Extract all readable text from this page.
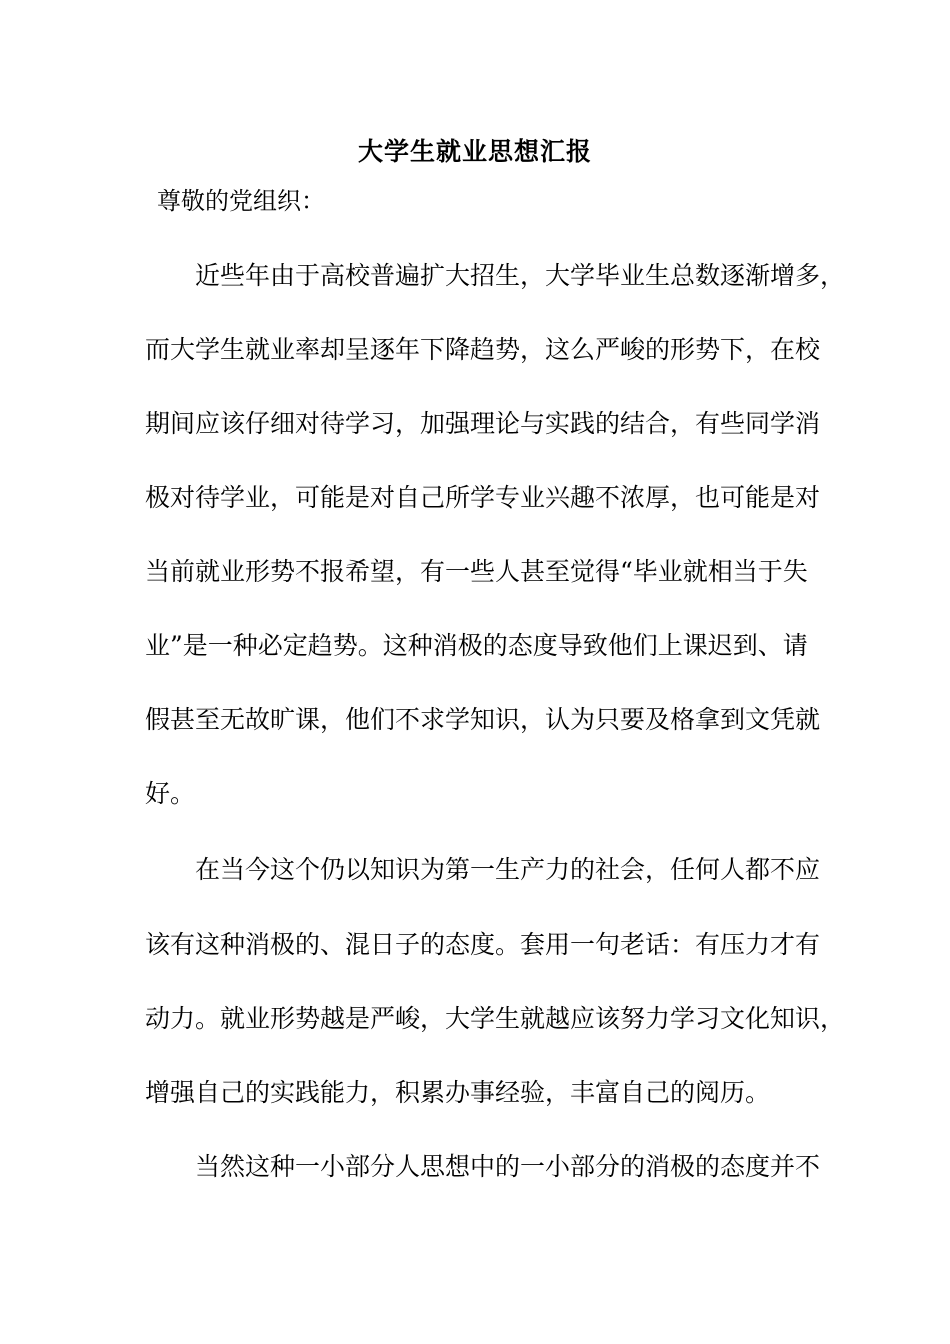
大学生就业思想汇报
尊敬的党组织：
　　近些年由于高校普遍扩大招生，大学毕业生总数逐渐增多，
而大学生就业率却呈逐年下降趋势，这么严峻的形势下，在校
期间应该仔细对待学习，加强理论与实践的结合，有些同学消
极对待学业，可能是对自己所学专业兴趣不浓厚，也可能是对
当前就业形势不报希望，有一些人甚至觉得“毕业就相当于失
业”是一种必定趋势。这种消极的态度导致他们上课迟到、请
假甚至无故旷课，他们不求学知识，认为只要及格拿到文凭就
好。
　　在当今这个仍以知识为第一生产力的社会，任何人都不应
该有这种消极的、混日子的态度。套用一句老话：有压力才有
动力。就业形势越是严峻，大学生就越应该努力学习文化知识，
增强自己的实践能力，积累办事经验，丰富自己的阅历。
　　当然这种一小部分人思想中的一小部分的消极的态度并不
